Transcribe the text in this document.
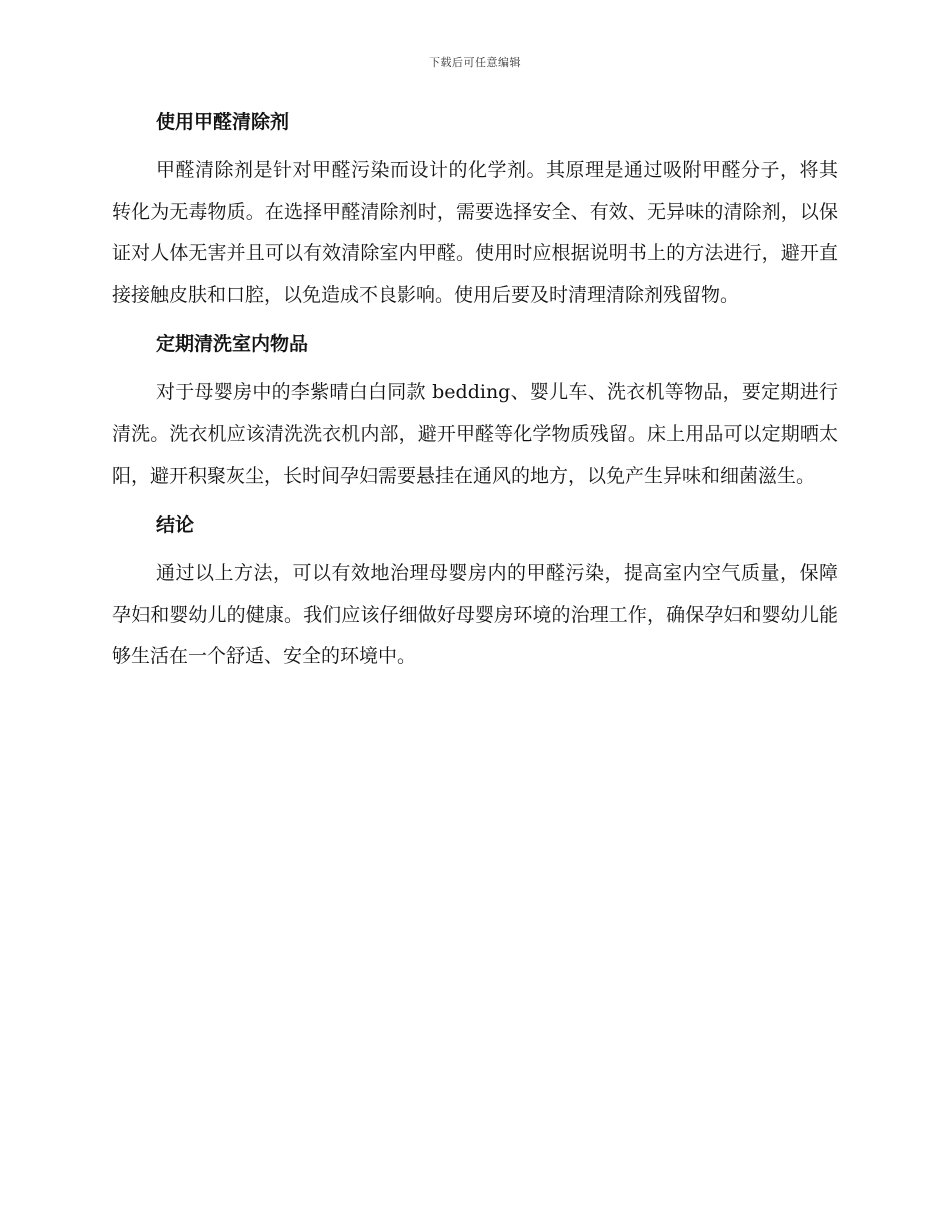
下载后可任意编辑
使用甲醛清除剂

甲醛清除剂是针对甲醛污染而设计的化学剂。其原理是通过吸附甲醛分子，将其转化为无毒物质。在选择甲醛清除剂时，需要选择安全、有效、无异味的清除剂，以保证对人体无害并且可以有效清除室内甲醛。使用时应根据说明书上的方法进行，避开直接接触皮肤和口腔，以免造成不良影响。使用后要及时清理清除剂残留物。

定期清洗室内物品

对于母婴房中的李紫晴白白同款 bedding、婴儿车、洗衣机等物品，要定期进行清洗。洗衣机应该清洗洗衣机内部，避开甲醛等化学物质残留。床上用品可以定期晒太阳，避开积聚灰尘，长时间孕妇需要悬挂在通风的地方，以免产生异味和细菌滋生。

结论

通过以上方法，可以有效地治理母婴房内的甲醛污染，提高室内空气质量，保障孕妇和婴幼儿的健康。我们应该仔细做好母婴房环境的治理工作，确保孕妇和婴幼儿能够生活在一个舒适、安全的环境中。
